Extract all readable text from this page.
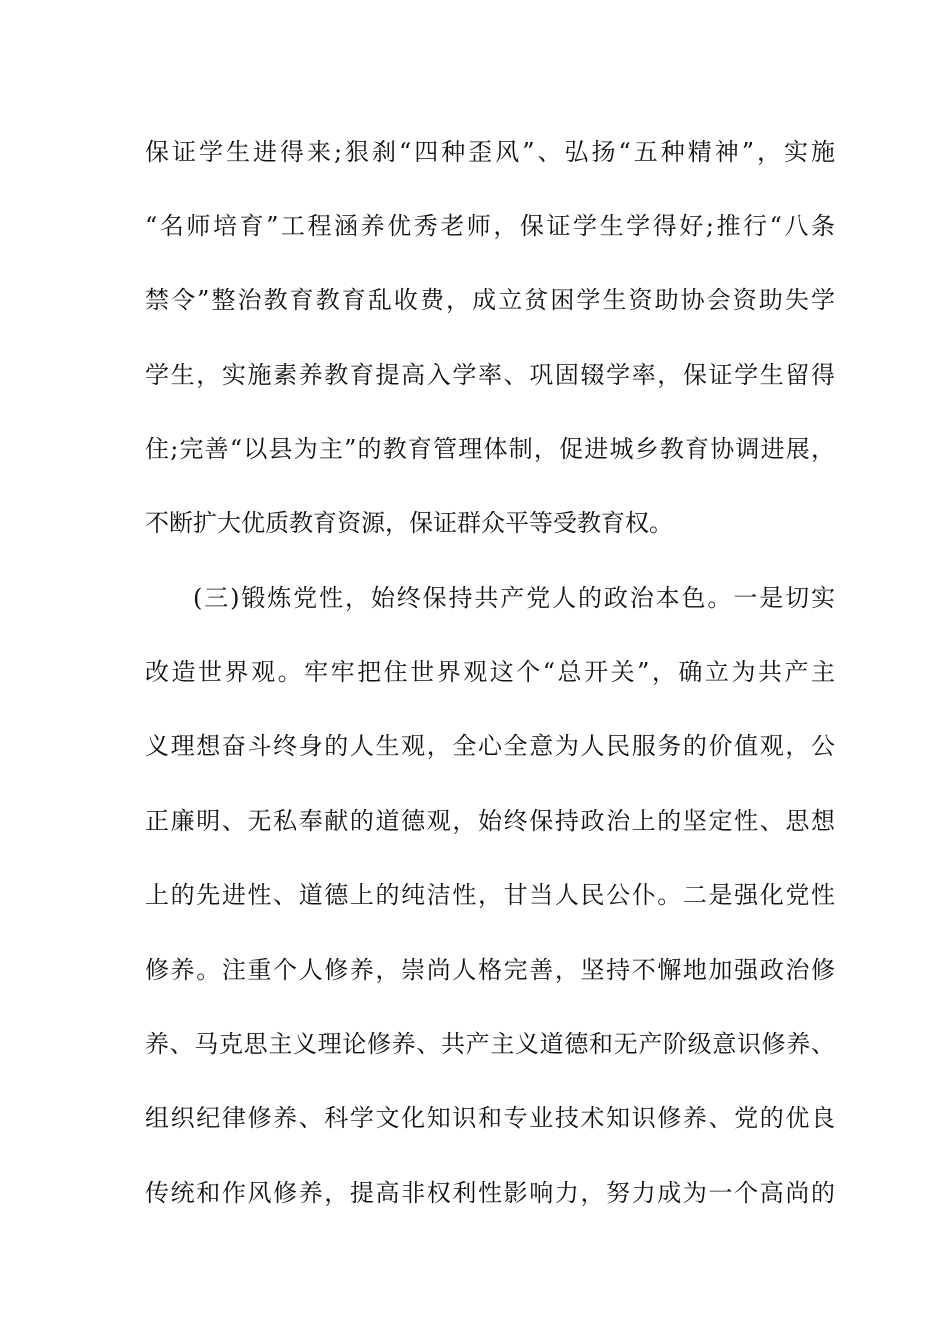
保证学生进得来;狠刹“四种歪风”、弘扬“五种精神”，实施
“名师培育”工程涵养优秀老师，保证学生学得好;推行“八条
禁令”整治教育教育乱收费，成立贫困学生资助协会资助失学
学生，实施素养教育提高入学率、巩固辍学率，保证学生留得
住;完善“以县为主”的教育管理体制，促进城乡教育协调进展，
不断扩大优质教育资源，保证群众平等受教育权。
(三)锻炼党性，始终保持共产党人的政治本色。一是切实
改造世界观。牢牢把住世界观这个“总开关”，确立为共产主
义理想奋斗终身的人生观，全心全意为人民服务的价值观，公
正廉明、无私奉献的道德观，始终保持政治上的坚定性、思想
上的先进性、道德上的纯洁性，甘当人民公仆。二是强化党性
修养。注重个人修养，崇尚人格完善，坚持不懈地加强政治修
养、马克思主义理论修养、共产主义道德和无产阶级意识修养、
组织纪律修养、科学文化知识和专业技术知识修养、党的优良
传统和作风修养，提高非权利性影响力，努力成为一个高尚的
